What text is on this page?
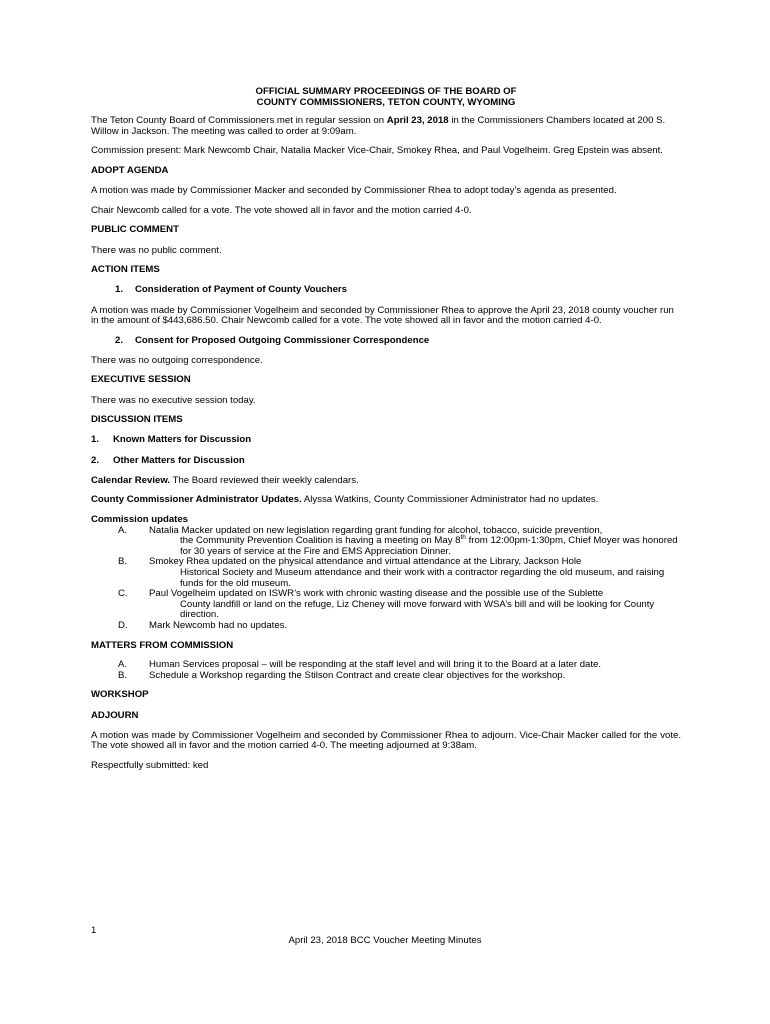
OFFICIAL SUMMARY PROCEEDINGS OF THE BOARD OF
COUNTY COMMISSIONERS, TETON COUNTY, WYOMING

The Teton County Board of Commissioners met in regular session on April 23, 2018 in the Commissioners Chambers located at 200 S. Willow in Jackson. The meeting was called to order at 9:09am.

Commission present: Mark Newcomb Chair, Natalia Macker Vice-Chair, Smokey Rhea, and Paul Vogelheim. Greg Epstein was absent.

ADOPT AGENDA

A motion was made by Commissioner Macker and seconded by Commissioner Rhea to adopt today’s agenda as presented.

Chair Newcomb called for a vote. The vote showed all in favor and the motion carried 4-0.

PUBLIC COMMENT

There was no public comment.

ACTION ITEMS
1.	Consideration of Payment of County Vouchers

A motion was made by Commissioner Vogelheim and seconded by Commissioner Rhea to approve the April 23, 2018 county voucher run in the amount of $443,686.50. Chair Newcomb called for a vote. The vote showed all in favor and the motion carried 4-0.

2.	Consent for Proposed Outgoing Commissioner Correspondence

There was no outgoing correspondence.

EXECUTIVE SESSION

There was no executive session today.

DISCUSSION ITEMS
1.	Known Matters for Discussion
2.	Other Matters for Discussion

Calendar Review. The Board reviewed their weekly calendars.

County Commissioner Administrator Updates. Alyssa Watkins, County Commissioner Administrator had no updates.

Commission updates
A.	Natalia Macker updated on new legislation regarding grant funding for alcohol, tobacco, suicide prevention,
the Community Prevention Coalition is having a meeting on May 8th from 12:00pm-1:30pm, Chief Moyer was honored for 30 years of service at the Fire and EMS Appreciation Dinner.
B.	Smokey Rhea updated on the physical attendance and virtual attendance at the Library, Jackson Hole
Historical Society and Museum attendance and their work with a contractor regarding the old museum, and raising funds for the old museum.
C.	Paul Vogelheim updated on ISWR’s work with chronic wasting disease and the possible use of the Sublette
County landfill or land on the refuge, Liz Cheney will move forward with WSA’s bill and will be looking for County direction.
D.	Mark Newcomb had no updates.
MATTERS FROM COMMISSION
A.	Human Services proposal – will be responding at the staff level and will bring it to the Board at a later date.
B.	Schedule a Workshop regarding the Stilson Contract and create clear objectives for the workshop.
WORKSHOP
ADJOURN

A motion was made by Commissioner Vogelheim and seconded by Commissioner Rhea to adjourn. Vice-Chair Macker called for the vote. The vote showed all in favor and the motion carried 4-0. The meeting adjourned at 9:38am.

Respectfully submitted: ked

1
April 23, 2018 BCC Voucher Meeting Minutes
